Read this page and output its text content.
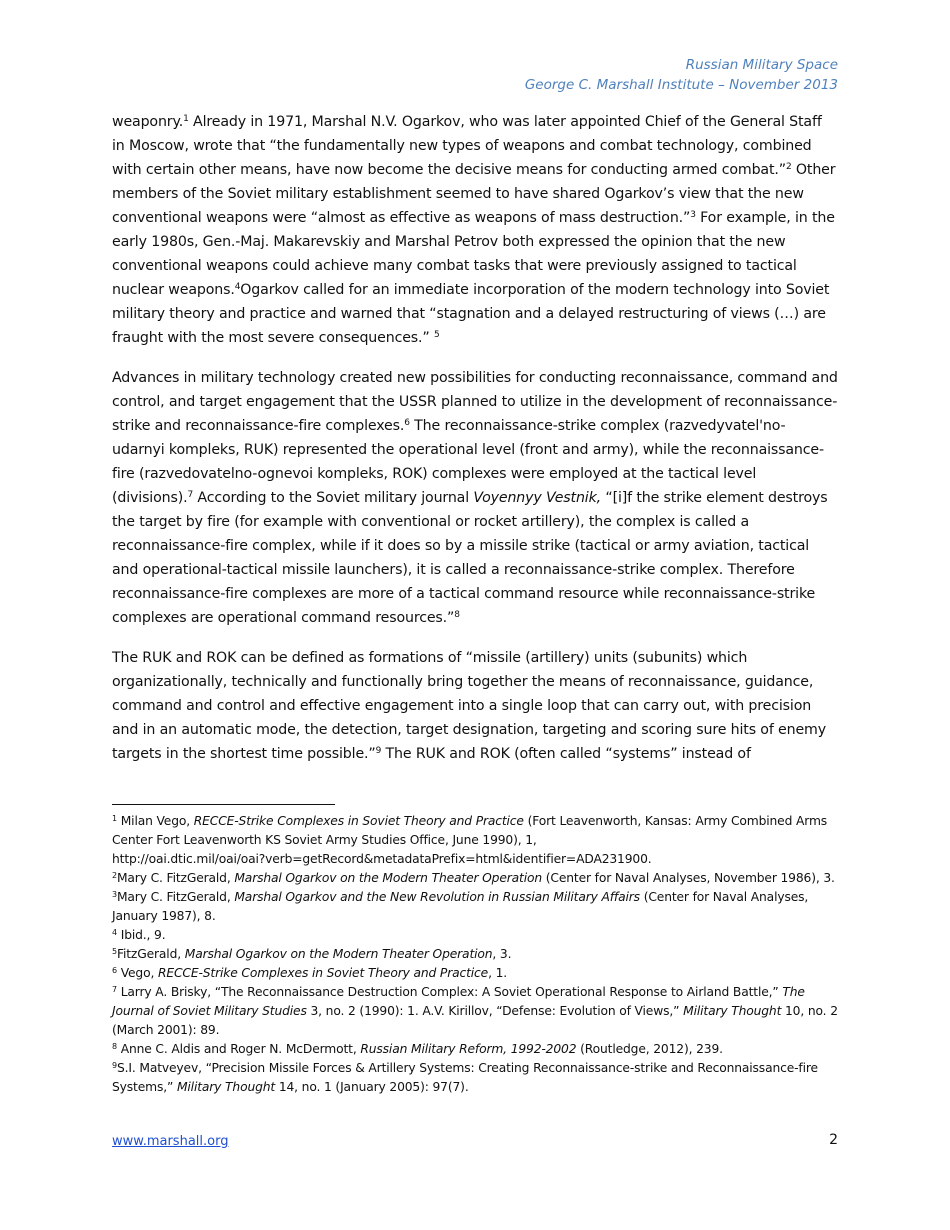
Russian Military Space
George C. Marshall Institute – November 2013

weaponry.$^1$ Already in 1971, Marshal N.V. Ogarkov, who was later appointed Chief of the General Staff in Moscow, wrote that “the fundamentally new types of weapons and combat technology, combined with certain other means, have now become the decisive means for conducting armed combat.”$^2$ Other members of the Soviet military establishment seemed to have shared Ogarkov’s view that the new conventional weapons were “almost as effective as weapons of mass destruction.”$^3$ For example, in the early 1980s, Gen.-Maj. Makarevskiy and Marshal Petrov both expressed the opinion that the new conventional weapons could achieve many combat tasks that were previously assigned to tactical nuclear weapons.$^4$Ogarkov called for an immediate incorporation of the modern technology into Soviet military theory and practice and warned that “stagnation and a delayed restructuring of views (…) are fraught with the most severe consequences.” $^5$

Advances in military technology created new possibilities for conducting reconnaissance, command and control, and target engagement that the USSR planned to utilize in the development of reconnaissance-strike and reconnaissance-fire complexes.$^6$ The reconnaissance-strike complex (razvedyvatel'no-udarnyi kompleks, RUK) represented the operational level (front and army), while the reconnaissance-fire (razvedovatelno-ognevoi kompleks, ROK) complexes were employed at the tactical level (divisions).$^7$ According to the Soviet military journal Voyennyy Vestnik, “[i]f the strike element destroys the target by fire (for example with conventional or rocket artillery), the complex is called a reconnaissance-fire complex, while if it does so by a missile strike (tactical or army aviation, tactical and operational-tactical missile launchers), it is called a reconnaissance-strike complex. Therefore reconnaissance-fire complexes are more of a tactical command resource while reconnaissance-strike complexes are operational command resources.”$^8$

The RUK and ROK can be defined as formations of “missile (artillery) units (subunits) which organizationally, technically and functionally bring together the means of reconnaissance, guidance, command and control and effective engagement into a single loop that can carry out, with precision and in an automatic mode, the detection, target designation, targeting and scoring sure hits of enemy targets in the shortest time possible.”$^9$ The RUK and ROK (often called “systems” instead of

$^1$ Milan Vego, RECCE-Strike Complexes in Soviet Theory and Practice (Fort Leavenworth, Kansas: Army Combined Arms Center Fort Leavenworth KS Soviet Army Studies Office, June 1990), 1,
http://oai.dtic.mil/oai/oai?verb=getRecord&metadataPrefix=html&identifier=ADA231900.

$^2$Mary C. FitzGerald, Marshal Ogarkov on the Modern Theater Operation (Center for Naval Analyses, November 1986), 3.

$^3$Mary C. FitzGerald, Marshal Ogarkov and the New Revolution in Russian Military Affairs (Center for Naval Analyses, January 1987), 8.

$^4$ Ibid., 9.

$^5$FitzGerald, Marshal Ogarkov on the Modern Theater Operation, 3.

$^6$ Vego, RECCE-Strike Complexes in Soviet Theory and Practice, 1.

$^7$ Larry A. Brisky, “The Reconnaissance Destruction Complex: A Soviet Operational Response to Airland Battle,” The Journal of Soviet Military Studies 3, no. 2 (1990): 1. A.V. Kirillov, “Defense: Evolution of Views,” Military Thought 10, no. 2 (March 2001): 89.

$^8$ Anne C. Aldis and Roger N. McDermott, Russian Military Reform, 1992-2002 (Routledge, 2012), 239.

$^9$S.I. Matveyev, “Precision Missile Forces & Artillery Systems: Creating Reconnaissance-strike and Reconnaissance-fire Systems,” Military Thought 14, no. 1 (January 2005): 97(7).

www.marshall.org	2
